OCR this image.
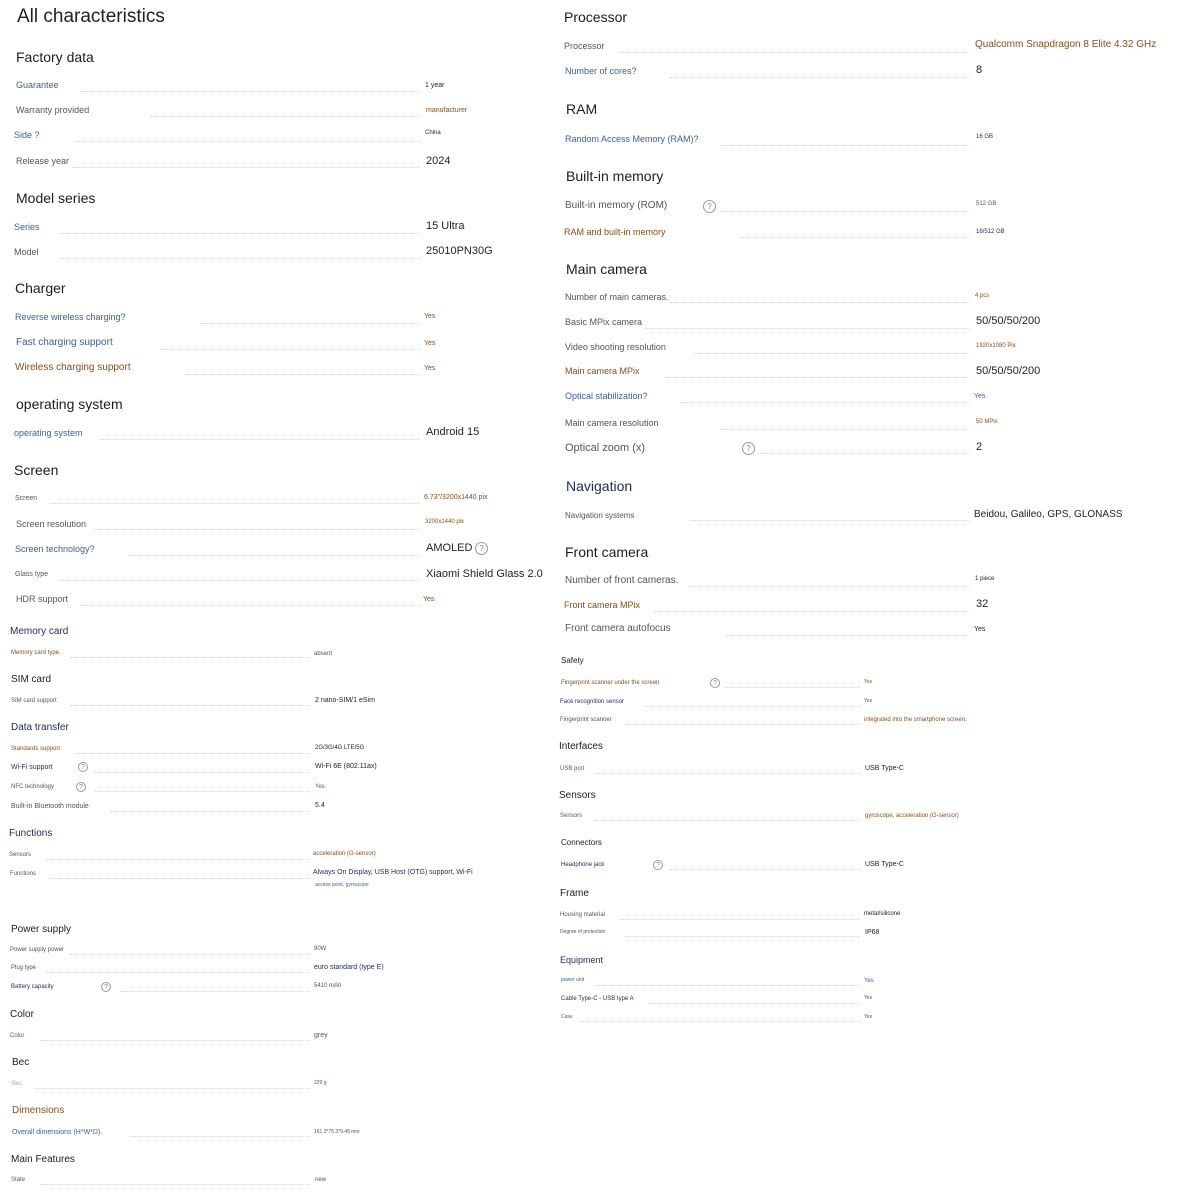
All characteristics
Factory data
Guarantee	1 year
Warranty provided	manufacturer
Side ?	China
Release year	2024
Model series
Series	15 Ultra
Model	25010PN30G
Charger
Reverse wireless charging?	Yes
Fast charging support	Yes
Wireless charging support	Yes
operating system
operating system	Android 15
Screen
Screen	6.73"/3200x1440 pix
Screen resolution	3200x1440 pix
Screen technology?	AMOLED ?
Glass type	Xiaomi Shield Glass 2.0
HDR support	Yes
Memory card
Memory card type.	absent
SIM card
SIM card support	2 nano-SIM/1 eSim
Data transfer
Standards support	2G/3G/4G LTE/5G
Wi-Fi support	?	Wi-Fi 6E (802.11ax)
NFC technology	?	Yes
Built-in Bluetooth module	5.4
Functions
Sensors	acceleration (G-sensor)
Functions	Always On Display, USB Host (OTG) support, Wi-Fi
access point, gyroscope
Power supply
Power supply power	90W
Plug type	euro standard (type E)
Battery capacity	?	5410 mAh
Color
Color	grey
Bec
Bec	229 g
Dimensions
Overall dimensions (H*W*D).	161.3*75.3*9.48 mm
Main Features
State	new
Processor
Processor	Qualcomm Snapdragon 8 Elite 4.32 GHz
Number of cores?	8
RAM
Random Access Memory (RAM)?	16 GB
Built-in memory
Built-in memory (ROM)	?	512 GB
RAM and built-in memory	16/512 GB
Main camera
Number of main cameras.	4 pcs
Basic MPix camera	50/50/50/200
Video shooting resolution	1920x1080 Pix
Main camera MPix	50/50/50/200
Optical stabilization?	Yes
Main camera resolution	50 MPix
Optical zoom (x)	?	2
Navigation
Navigation systems	Beidou, Galileo, GPS, GLONASS
Front camera
Number of front cameras.	1 piece
Front camera MPix	32
Front camera autofocus	Yes
Safety
Fingerprint scanner under the screen	?	Yes
Face recognition sensor	Yes
Fingerprint scanner	integrated into the smartphone screen.
Interfaces
USB port	USB Type-C
Sensors
Sensors	gyroscope, acceleration (G-sensor)
Connectors
Headphone jack	?	USB Type-C
Frame
Housing material	metal/silicone
Degree of protection	IP68
Equipment
power unit	Yes
Cable Type-C - USB type A	Yes
Case	Yes
